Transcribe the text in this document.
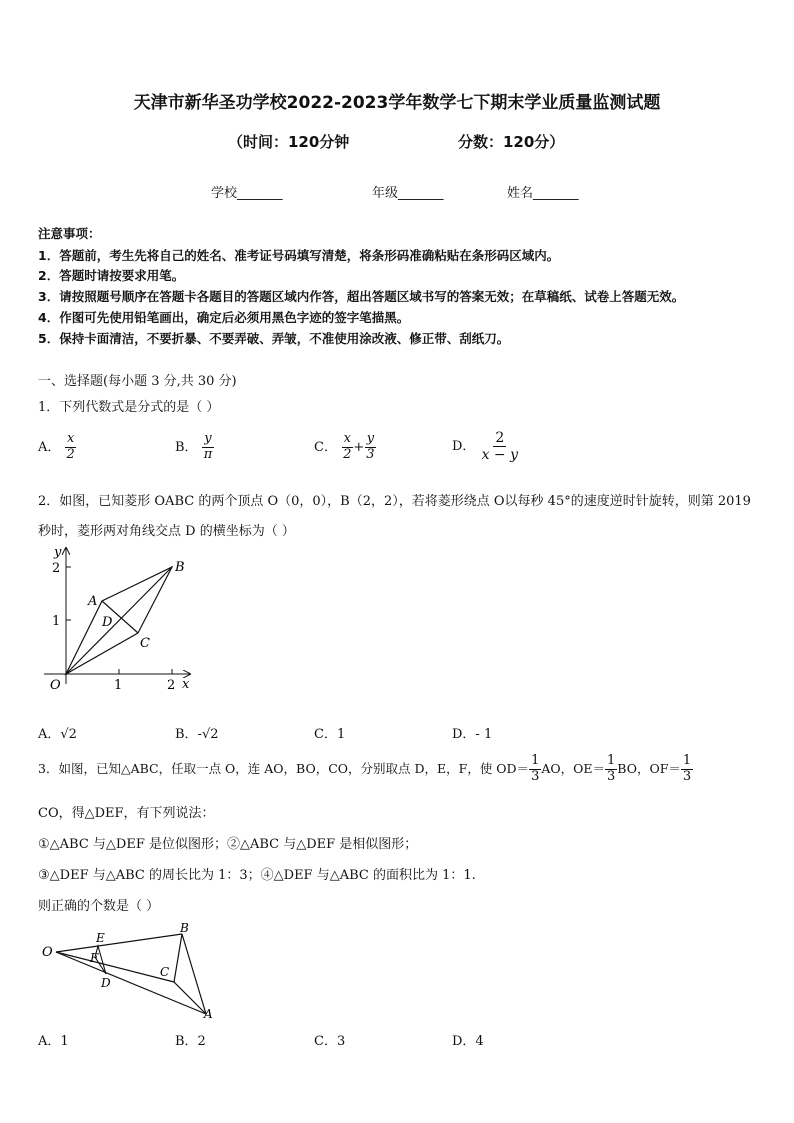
天津市新华圣功学校2022-2023学年数学七下期末学业质量监测试题
（时间：120分钟	分数：120分）
学校_______	年级_______	姓名_______
注意事项：
1．答题前，考生先将自己的姓名、准考证号码填写清楚，将条形码准确粘贴在条形码区域内。
2．答题时请按要求用笔。
3．请按照题号顺序在答题卡各题目的答题区域内作答，超出答题区域书写的答案无效；在草稿纸、试卷上答题无效。
4．作图可先使用铅笔画出，确定后必须用黑色字迹的签字笔描黑。
5．保持卡面清洁，不要折暴、不要弄破、弄皱，不准使用涂改液、修正带、刮纸刀。
一、选择题(每小题 3 分,共 30 分)
1．下列代数式是分式的是（ ）
A． $\frac{x}{2}$	B． $\frac{y}{\pi}$	C． $\frac{x}{2} + \frac{y}{3}$	D． $\frac{2}{x - y}$
2．如图，已知菱形 OABC 的两个顶点 O（0，0），B（2，2），若将菱形绕点 O以每秒 45°的速度逆时针旋转，则第 2019
秒时，菱形两对角线交点 D 的横坐标为（ ）
y
x
O
A
B
C
D
1	2
1
2
A．√2	B．-√2	C．1	D．- 1
3．如图，已知△ABC，任取一点 O，连 AO，BO，CO，分别取点 D，E，F，使 $OD= \frac{1}{3}$ AO，$OE= \frac{1}{3}$ BO，$OF= \frac{1}{3}$
CO，得△DEF，有下列说法：
①△ABC 与△DEF 是位似图形；②△ABC 与△DEF 是相似图形；
③△DEF 与△ABC 的周长比为 1：3；④△DEF 与△ABC 的面积比为 1：1.
则正确的个数是（ ）
O
E
F
D
B
C
A
A．1	B．2	C．3	D．4
